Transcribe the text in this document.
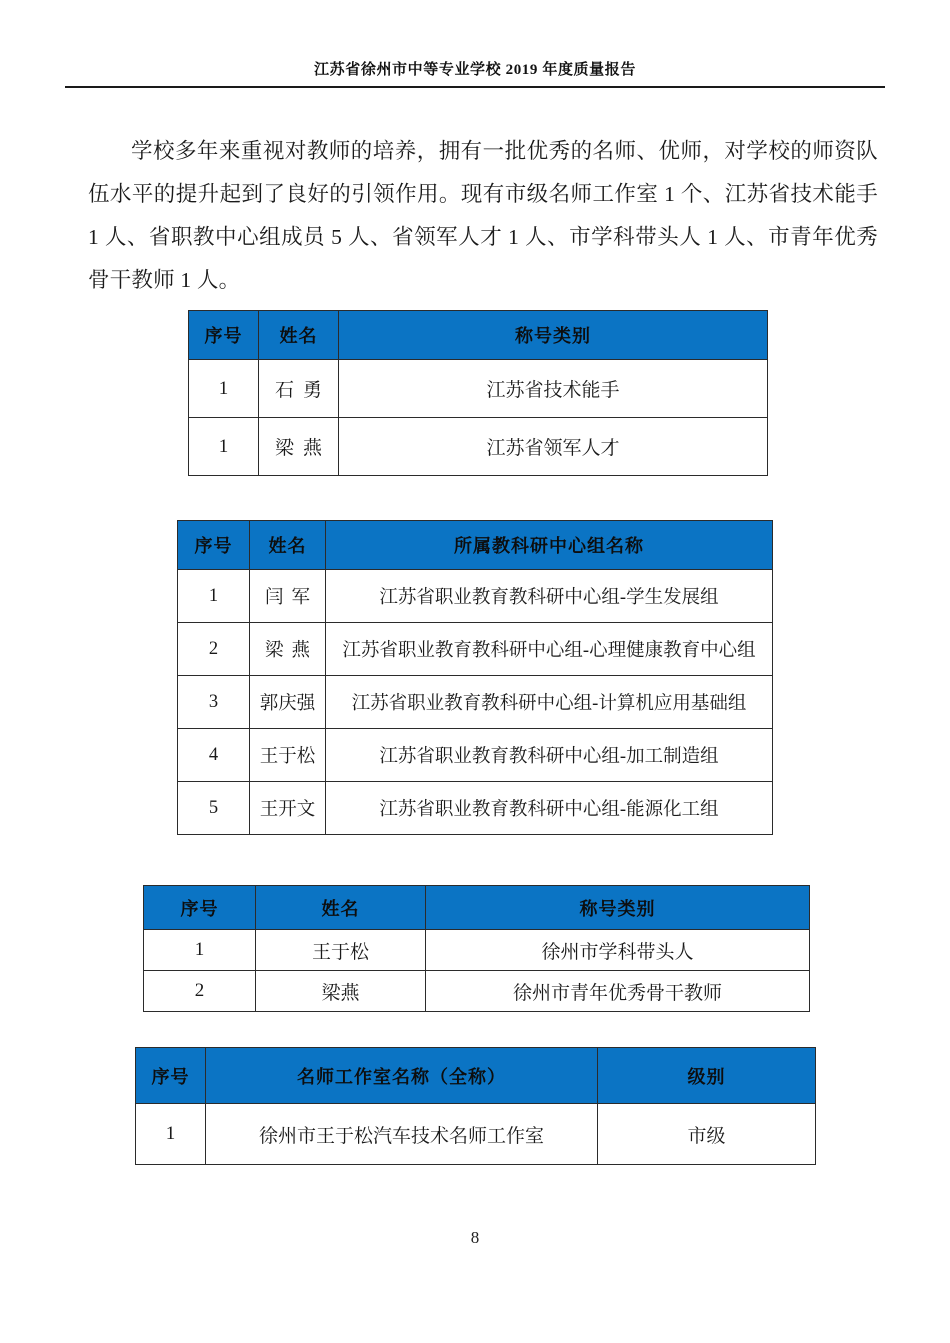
江苏省徐州市中等专业学校 2019 年度质量报告

学校多年来重视对教师的培养，拥有一批优秀的名师、优师，对学校的师资队伍水平的提升起到了良好的引领作用。现有市级名师工作室 1 个、江苏省技术能手 1 人、省职教中心组成员 5 人、省领军人才 1 人、市学科带头人 1 人、市青年优秀骨干教师 1 人。

序号	姓名	称号类别
1	石勇	江苏省技术能手
1	梁燕	江苏省领军人才
序号	姓名	所属教科研中心组名称
1	闫军	江苏省职业教育教科研中心组-学生发展组
2	梁燕	江苏省职业教育教科研中心组-心理健康教育中心组
3	郭庆强	江苏省职业教育教科研中心组-计算机应用基础组
4	王于松	江苏省职业教育教科研中心组-加工制造组
5	王开文	江苏省职业教育教科研中心组-能源化工组
序号	姓名	称号类别
1	王于松	徐州市学科带头人
2	梁燕	徐州市青年优秀骨干教师
序号	名师工作室名称（全称）	级别
1	徐州市王于松汽车技术名师工作室	市级
8
